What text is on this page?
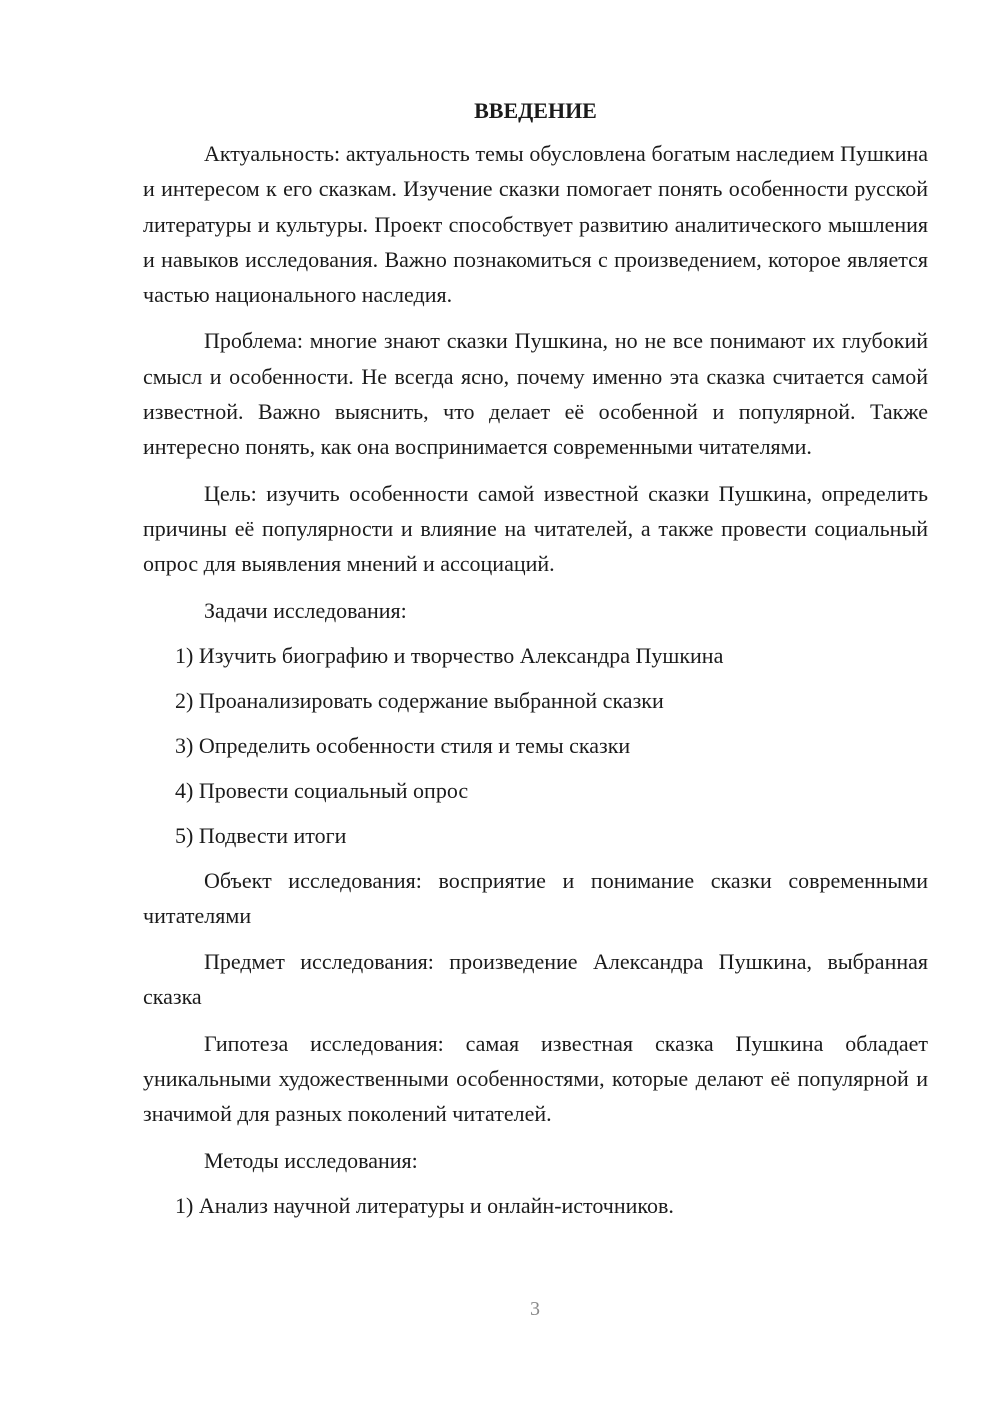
ВВЕДЕНИЕ

Актуальность: актуальность темы обусловлена богатым наследием Пушкина и интересом к его сказкам. Изучение сказки помогает понять особенности русской литературы и культуры. Проект способствует развитию аналитического мышления и навыков исследования. Важно познакомиться с произведением, которое является частью национального наследия.

Проблема: многие знают сказки Пушкина, но не все понимают их глубокий смысл и особенности. Не всегда ясно, почему именно эта сказка считается самой известной. Важно выяснить, что делает её особенной и популярной. Также интересно понять, как она воспринимается современными читателями.

Цель: изучить особенности самой известной сказки Пушкина, определить причины её популярности и влияние на читателей, а также провести социальный опрос для выявления мнений и ассоциаций.

Задачи исследования:
1) Изучить биографию и творчество Александра Пушкина
2) Проанализировать содержание выбранной сказки
3) Определить особенности стиля и темы сказки
4) Провести социальный опрос
5) Подвести итоги

Объект исследования: восприятие и понимание сказки современными читателями

Предмет исследования: произведение Александра Пушкина, выбранная сказка

Гипотеза исследования: самая известная сказка Пушкина обладает уникальными художественными особенностями, которые делают её популярной и значимой для разных поколений читателей.

Методы исследования:
1) Анализ научной литературы и онлайн-источников.
3
